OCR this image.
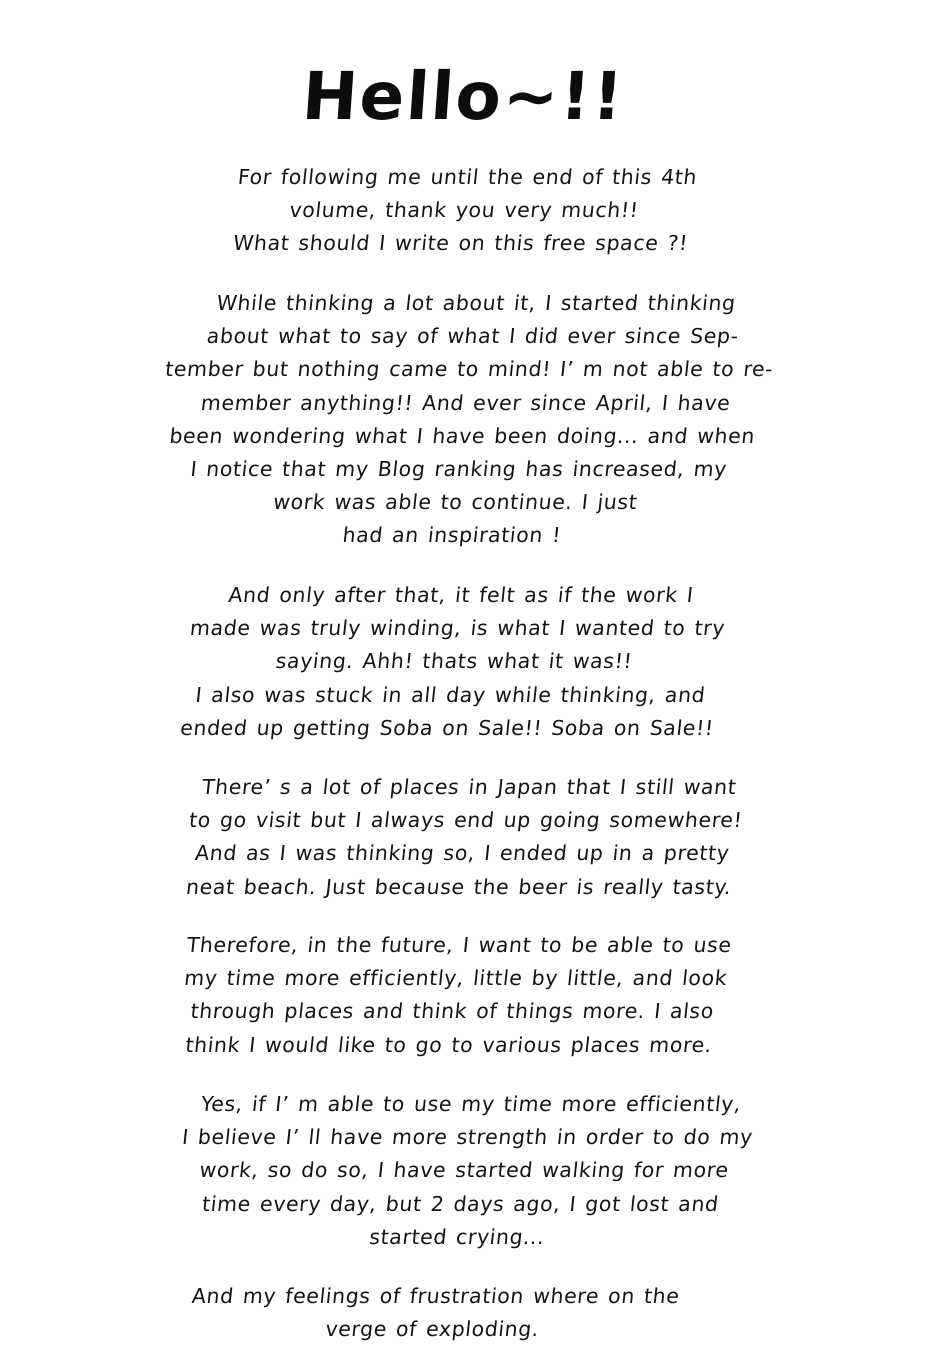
Hello~!!

For following me until the end of this 4th
volume, thank you very much!!
What should I write on this free space ?!

While thinking a lot about it, I started thinking
about what to say of what I did ever since Sep-
tember but nothing came to mind! I’ m not able to re-
member anything!! And ever since April, I have
been wondering what I have been doing... and when
I notice that my Blog ranking has increased, my
work was able to continue. I just
had an inspiration !

And only after that, it felt as if the work I
made was truly winding, is what I wanted to try
saying. Ahh! thats what it was!!
I also was stuck in all day while thinking, and
ended up getting Soba on Sale!! Soba on Sale!!

There’ s a lot of places in Japan that I still want
to go visit but I always end up going somewhere!
And as I was thinking so, I ended up in a pretty
neat beach. Just because the beer is really tasty.

Therefore, in the future, I want to be able to use
my time more efficiently, little by little, and look
through places and think of things more. I also
think I would like to go to various places more.

Yes, if I’ m able to use my time more efficiently,
I believe I’ ll have more strength in order to do my
work, so do so, I have started walking for more
time every day, but 2 days ago, I got lost and
started crying...

And my feelings of frustration where on the
verge of exploding.
